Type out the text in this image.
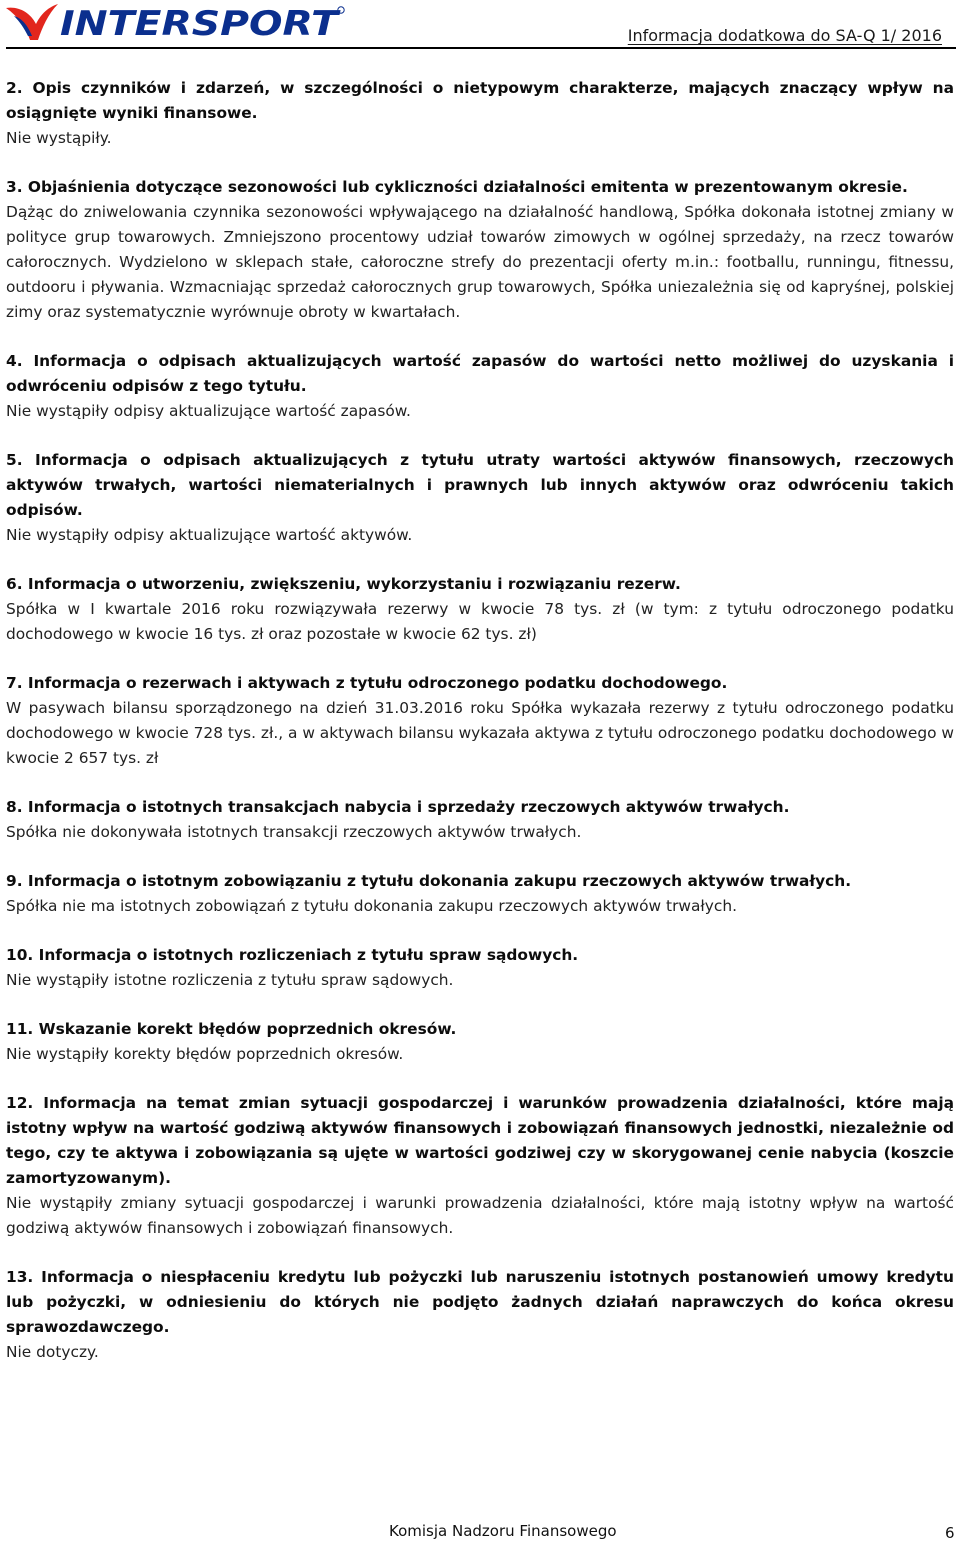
INTERSPORT	Informacja dodatkowa do SA-Q 1/ 2016

2. Opis czynników i zdarzeń, w szczególności o nietypowym charakterze, mających znaczący wpływ na osiągnięte wyniki finansowe.

Nie wystąpiły.

3. Objaśnienia dotyczące sezonowości lub cykliczności działalności emitenta w prezentowanym okresie.

Dążąc do zniwelowania czynnika sezonowości wpływającego na działalność handlową, Spółka dokonała istotnej zmiany w polityce grup towarowych. Zmniejszono procentowy udział towarów zimowych w ogólnej sprzedaży, na rzecz towarów całorocznych. Wydzielono w sklepach stałe, całoroczne strefy do prezentacji oferty m.in.: footballu, runningu, fitnessu, outdooru i pływania. Wzmacniając sprzedaż całorocznych grup towarowych, Spółka uniezależnia się od kapryśnej, polskiej zimy oraz systematycznie wyrównuje obroty w kwartałach.

4. Informacja o odpisach aktualizujących wartość zapasów do wartości netto możliwej do uzyskania i odwróceniu odpisów z tego tytułu.

Nie wystąpiły odpisy aktualizujące wartość zapasów.

5. Informacja o odpisach aktualizujących z tytułu utraty wartości aktywów finansowych, rzeczowych aktywów trwałych, wartości niematerialnych i prawnych lub innych aktywów oraz odwróceniu takich odpisów.

Nie wystąpiły odpisy aktualizujące wartość aktywów.

6. Informacja o utworzeniu, zwiększeniu, wykorzystaniu i rozwiązaniu rezerw.

Spółka w I kwartale 2016 roku rozwiązywała rezerwy w kwocie 78 tys. zł (w tym: z tytułu odroczonego podatku dochodowego w kwocie 16 tys. zł oraz pozostałe w kwocie 62 tys. zł)

7. Informacja o rezerwach i aktywach z tytułu odroczonego podatku dochodowego.

W pasywach bilansu sporządzonego na dzień 31.03.2016 roku Spółka wykazała rezerwy z tytułu odroczonego podatku dochodowego w kwocie 728 tys. zł., a w aktywach bilansu wykazała aktywa z tytułu odroczonego podatku dochodowego w kwocie 2 657 tys. zł

8. Informacja o istotnych transakcjach nabycia i sprzedaży rzeczowych aktywów trwałych.

Spółka nie dokonywała istotnych transakcji rzeczowych aktywów trwałych.

9. Informacja o istotnym zobowiązaniu z tytułu dokonania zakupu rzeczowych aktywów trwałych.

Spółka nie ma istotnych zobowiązań z tytułu dokonania zakupu rzeczowych aktywów trwałych.

10. Informacja o istotnych rozliczeniach z tytułu spraw sądowych.

Nie wystąpiły istotne rozliczenia z tytułu spraw sądowych.

11. Wskazanie korekt błędów poprzednich okresów.

Nie wystąpiły korekty błędów poprzednich okresów.

12. Informacja na temat zmian sytuacji gospodarczej i warunków prowadzenia działalności, które mają istotny wpływ na wartość godziwą aktywów finansowych i zobowiązań finansowych jednostki, niezależnie od tego, czy te aktywa i zobowiązania są ujęte w wartości godziwej czy w skorygowanej cenie nabycia (koszcie zamortyzowanym).

Nie wystąpiły zmiany sytuacji gospodarczej i warunki prowadzenia działalności, które mają istotny wpływ na wartość godziwą aktywów finansowych i zobowiązań finansowych.

13. Informacja o niespłaceniu kredytu lub pożyczki lub naruszeniu istotnych postanowień umowy kredytu lub pożyczki, w odniesieniu do których nie podjęto żadnych działań naprawczych do końca okresu sprawozdawczego.

Nie dotyczy.

Komisja Nadzoru Finansowego	6
